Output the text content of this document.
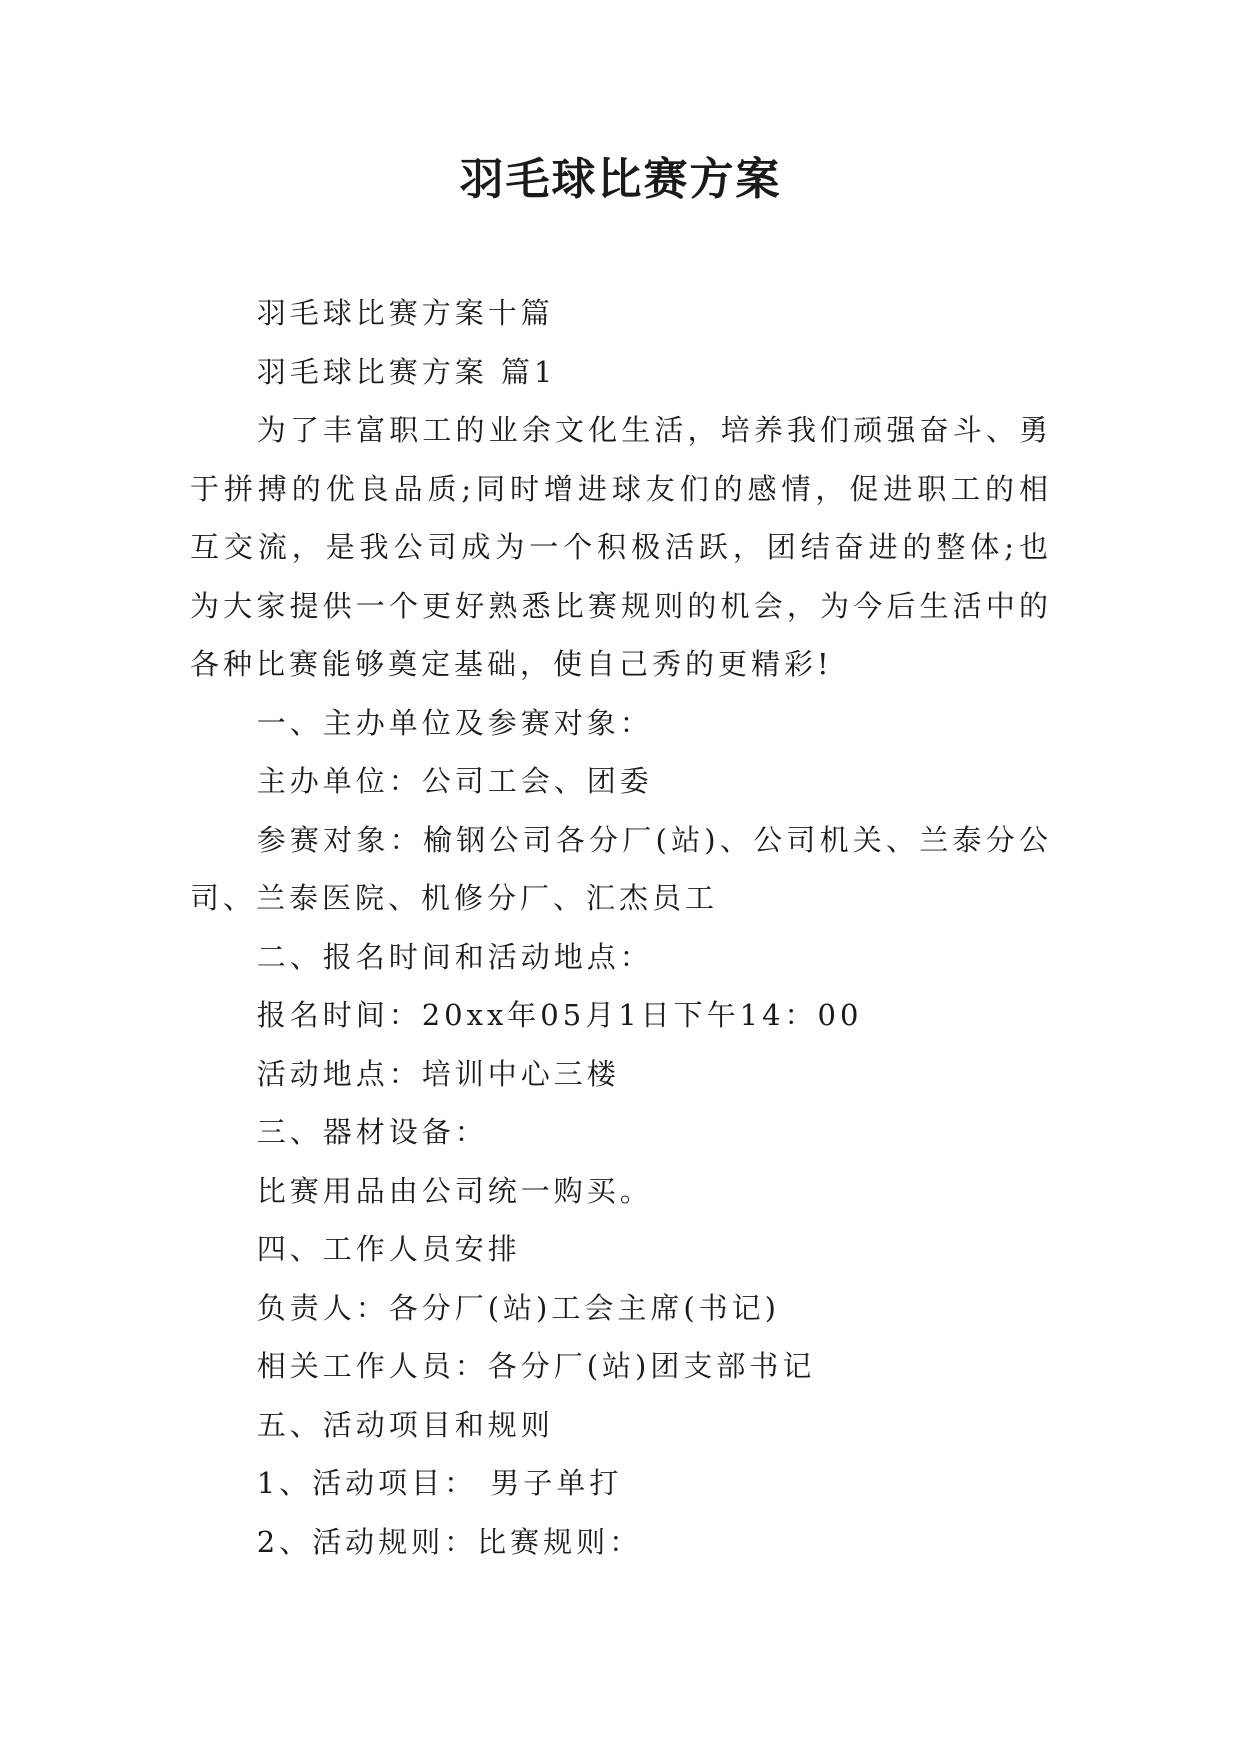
羽毛球比赛方案

羽毛球比赛方案十篇

羽毛球比赛方案 篇1

为了丰富职工的业余文化生活，培养我们顽强奋斗、勇于拼搏的优良品质;同时增进球友们的感情，促进职工的相互交流，是我公司成为一个积极活跃，团结奋进的整体;也为大家提供一个更好熟悉比赛规则的机会，为今后生活中的各种比赛能够奠定基础，使自己秀的更精彩!

一、主办单位及参赛对象：

主办单位：公司工会、团委

参赛对象：榆钢公司各分厂(站)、公司机关、兰泰分公司、兰泰医院、机修分厂、汇杰员工

二、报名时间和活动地点：

报名时间：20xx年05月1日下午14：00

活动地点：培训中心三楼

三、器材设备：

比赛用品由公司统一购买。

四、工作人员安排

负责人：各分厂(站)工会主席(书记)

相关工作人员：各分厂(站)团支部书记

五、活动项目和规则

1、活动项目： 男子单打

2、活动规则：比赛规则：
